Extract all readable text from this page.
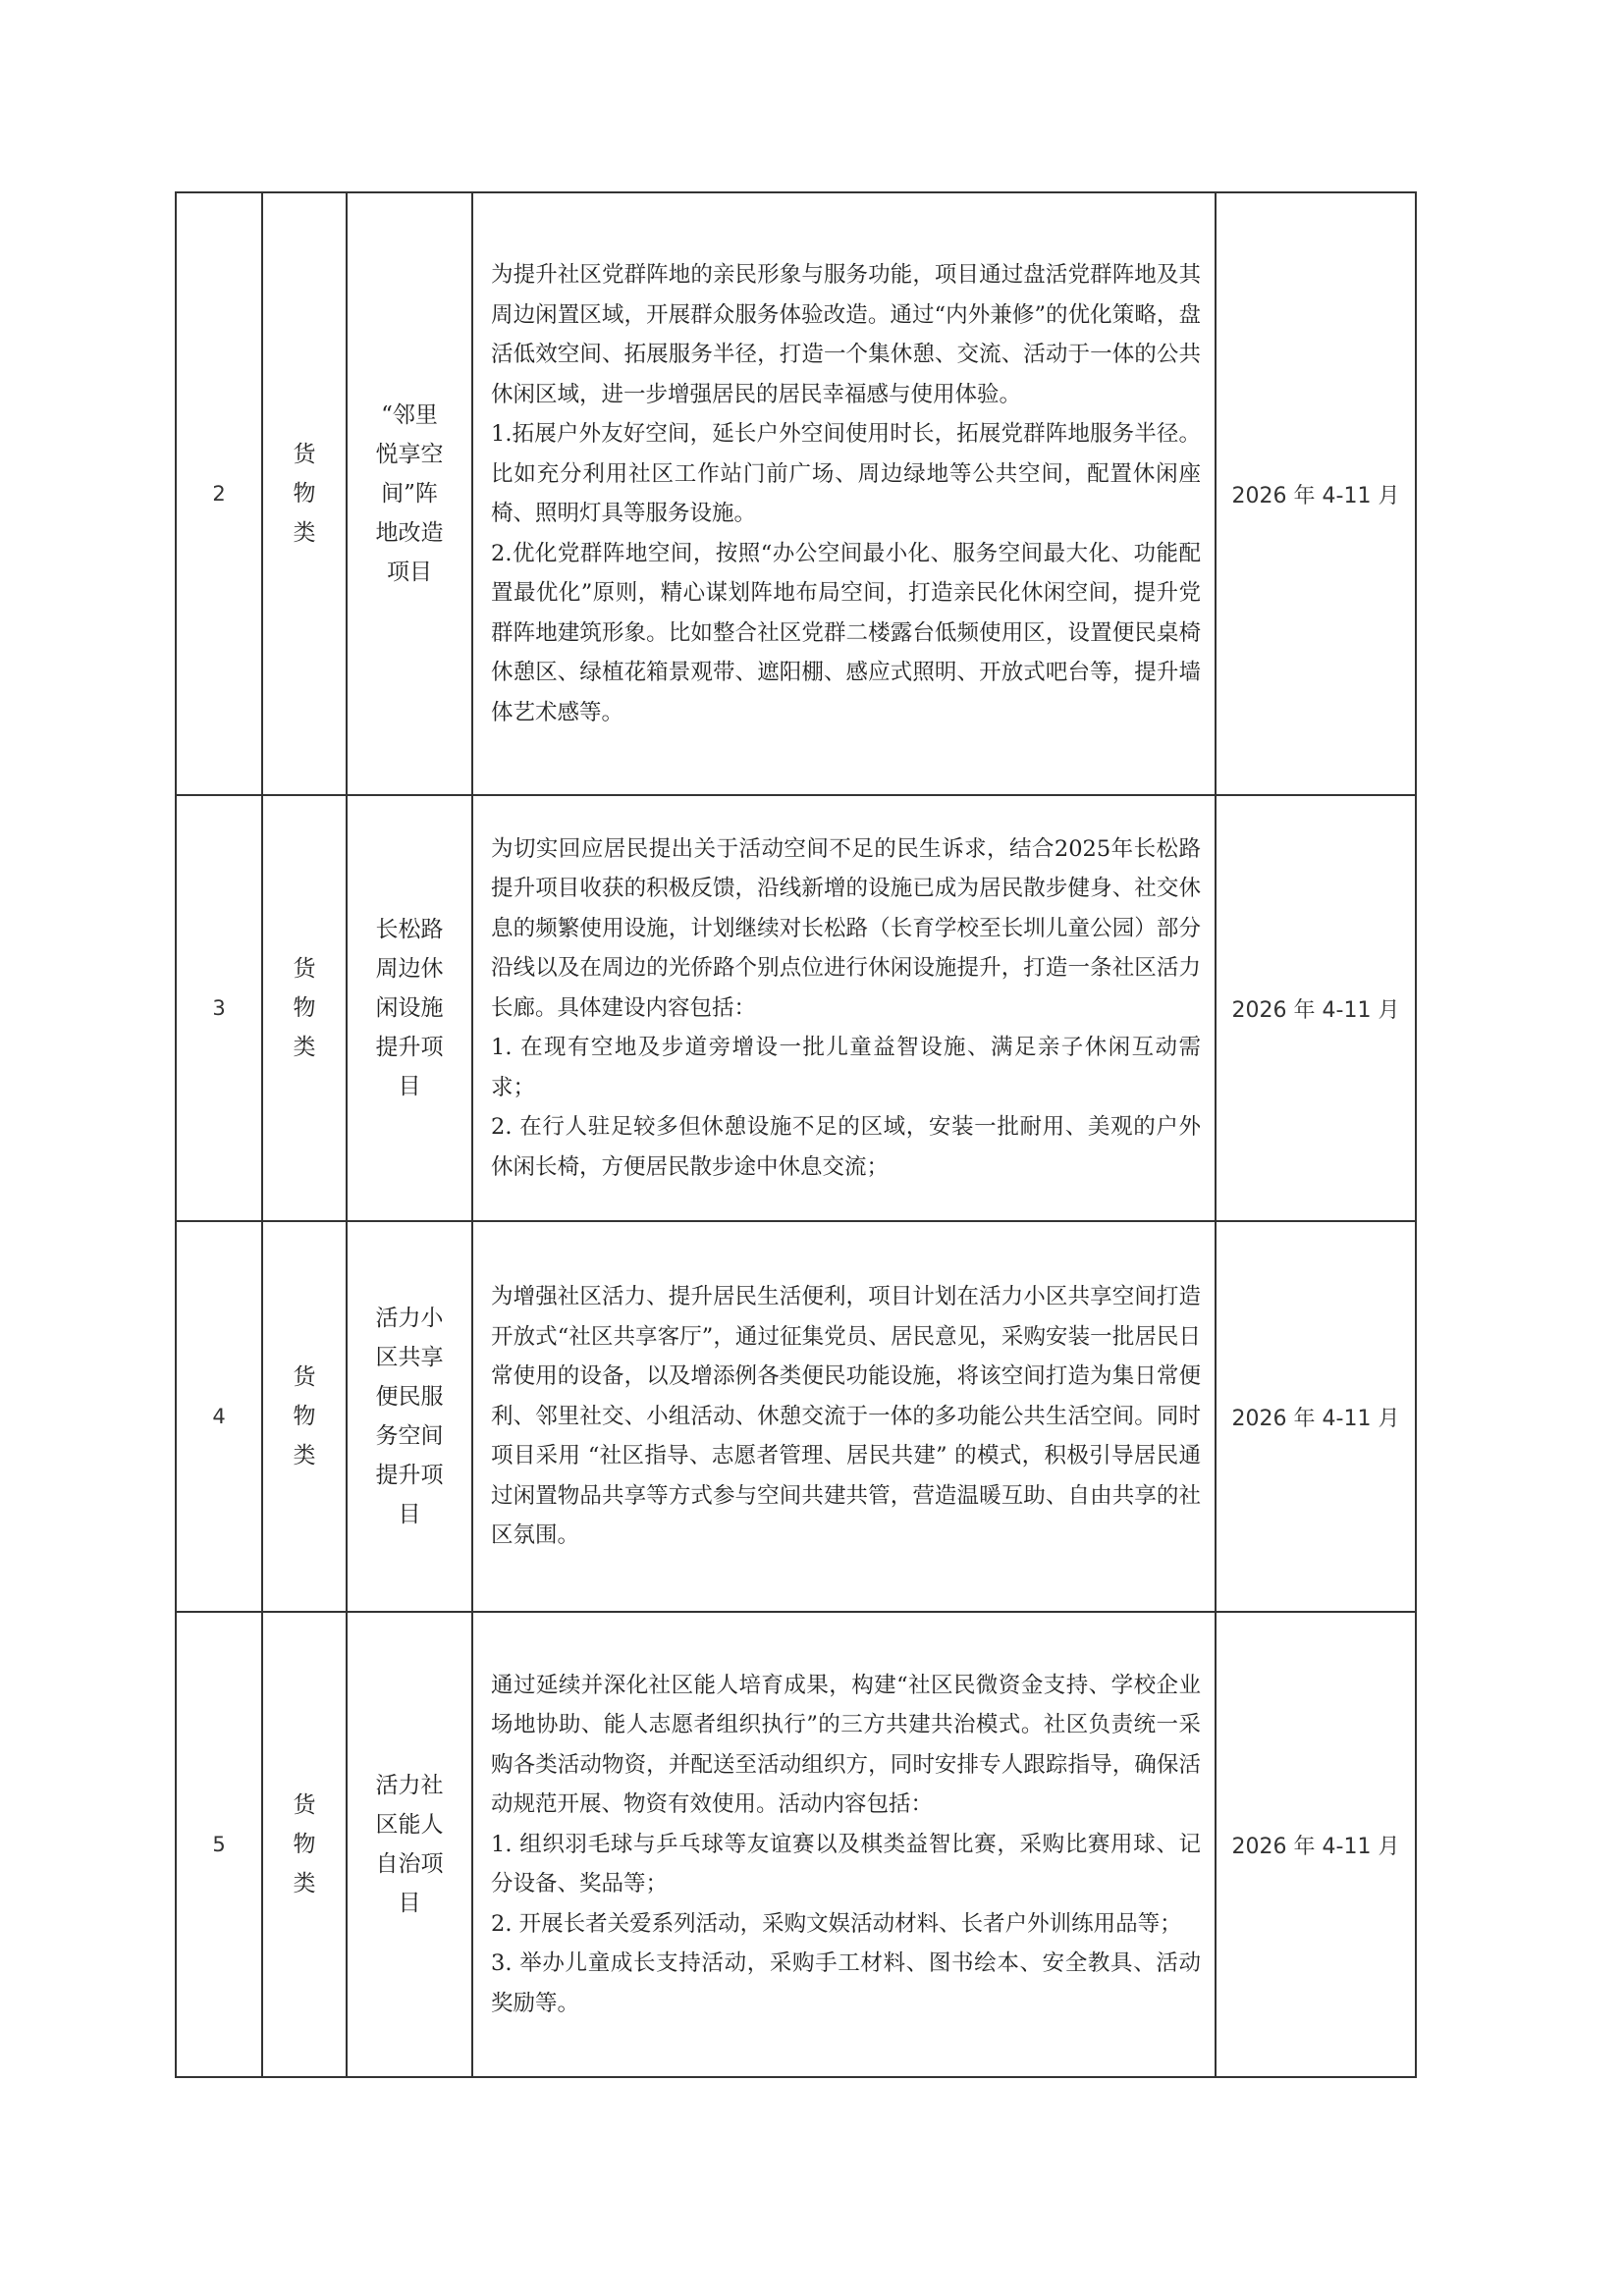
2	货物类	“邻里悦享空间”阵地改造项目	为提升社区党群阵地的亲民形象与服务功能，项目通过盘活党群阵地及其周边闲置区域，开展群众服务体验改造。通过“内外兼修”的优化策略，盘活低效空间、拓展服务半径，打造一个集休憩、交流、活动于一体的公共休闲区域，进一步增强居民的居民幸福感与使用体验。

1.拓展户外友好空间，延长户外空间使用时长，拓展党群阵地服务半径。比如充分利用社区工作站门前广场、周边绿地等公共空间，配置休闲座椅、照明灯具等服务设施。

2.优化党群阵地空间，按照“办公空间最小化、服务空间最大化、功能配置最优化”原则，精心谋划阵地布局空间，打造亲民化休闲空间，提升党群阵地建筑形象。比如整合社区党群二楼露台低频使用区，设置便民桌椅休憩区、绿植花箱景观带、遮阳棚、感应式照明、开放式吧台等，提升墙体艺术感等。	2026 年 4-11 月
3	货物类	长松路周边休闲设施提升项目	为切实回应居民提出关于活动空间不足的民生诉求，结合2025年长松路提升项目收获的积极反馈，沿线新增的设施已成为居民散步健身、社交休息的频繁使用设施，计划继续对长松路（长育学校至长圳儿童公园）部分沿线以及在周边的光侨路个别点位进行休闲设施提升，打造一条社区活力长廊。具体建设内容包括：

1. 在现有空地及步道旁增设一批儿童益智设施、满足亲子休闲互动需求；

2. 在行人驻足较多但休憩设施不足的区域，安装一批耐用、美观的户外休闲长椅，方便居民散步途中休息交流；	2026 年 4-11 月
4	货物类	活力小区共享便民服务空间提升项目	为增强社区活力、提升居民生活便利，项目计划在活力小区共享空间打造开放式“社区共享客厅”，通过征集党员、居民意见，采购安装一批居民日常使用的设备，以及增添例各类便民功能设施，将该空间打造为集日常便利、邻里社交、小组活动、休憩交流于一体的多功能公共生活空间。同时项目采用 “社区指导、志愿者管理、居民共建” 的模式，积极引导居民通过闲置物品共享等方式参与空间共建共管，营造温暖互助、自由共享的社区氛围。	2026 年 4-11 月
5	货物类	活力社区能人自治项目	通过延续并深化社区能人培育成果，构建“社区民微资金支持、学校企业场地协助、能人志愿者组织执行”的三方共建共治模式。社区负责统一采购各类活动物资，并配送至活动组织方，同时安排专人跟踪指导，确保活动规范开展、物资有效使用。活动内容包括：

1. 组织羽毛球与乒乓球等友谊赛以及棋类益智比赛，采购比赛用球、记分设备、奖品等；

2. 开展长者关爱系列活动，采购文娱活动材料、长者户外训练用品等；

3. 举办儿童成长支持活动，采购手工材料、图书绘本、安全教具、活动奖励等。	2026 年 4-11 月
